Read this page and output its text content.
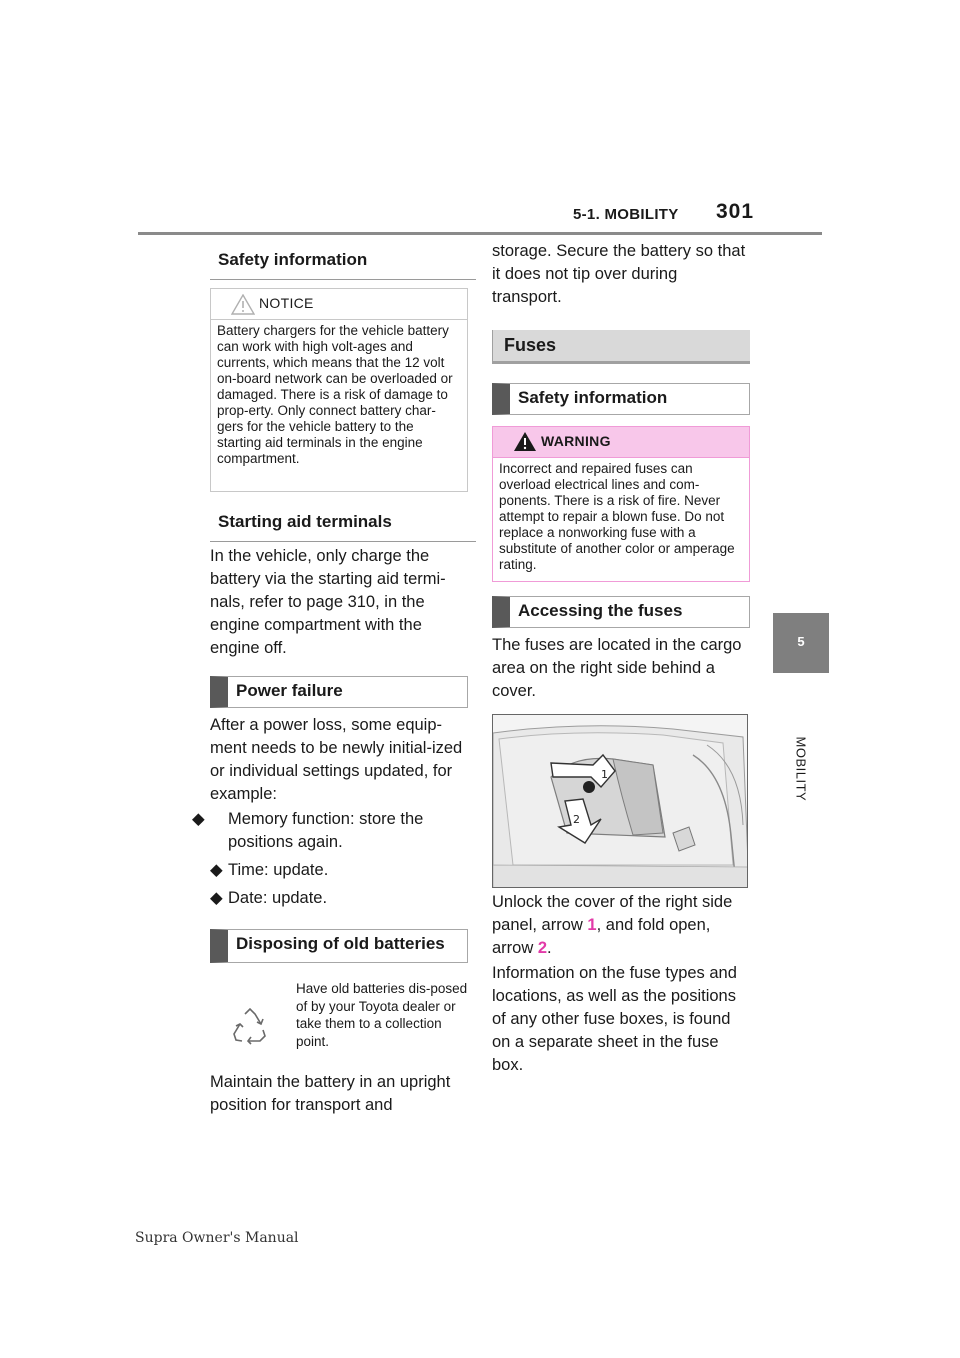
5-1. MOBILITY 301
5
MOBILITY
Safety information
NOTICE
Battery chargers for the vehicle battery can work with high volt-ages and currents, which means that the 12 volt on-board network can be overloaded or damaged. There is a risk of damage to prop-erty. Only connect battery char-gers for the vehicle battery to the starting aid terminals in the engine compartment.
Starting aid terminals
In the vehicle, only charge the battery via the starting aid termi-nals, refer to page 310, in the engine compartment with the engine off.
Power failure
After a power loss, some equip-ment needs to be newly initial-ized or individual settings updated, for example:
◆ Memory function: store the positions again.
◆ Time: update.
◆ Date: update.
Disposing of old batteries
Have old batteries dis-posed of by your Toyota dealer or take them to a collection point.
Maintain the battery in an upright position for transport and
storage. Secure the battery so that it does not tip over during transport.
Fuses
Safety information
WARNING
Incorrect and repaired fuses can overload electrical lines and com-ponents. There is a risk of fire. Never attempt to repair a blown fuse. Do not replace a nonworking fuse with a substitute of another color or amperage rating.
Accessing the fuses
The fuses are located in the cargo area on the right side behind a cover.
1
2
Unlock the cover of the right side panel, arrow 1, and fold open, arrow 2.
Information on the fuse types and locations, as well as the positions of any other fuse boxes, is found on a separate sheet in the fuse box.
Supra Owner's Manual
